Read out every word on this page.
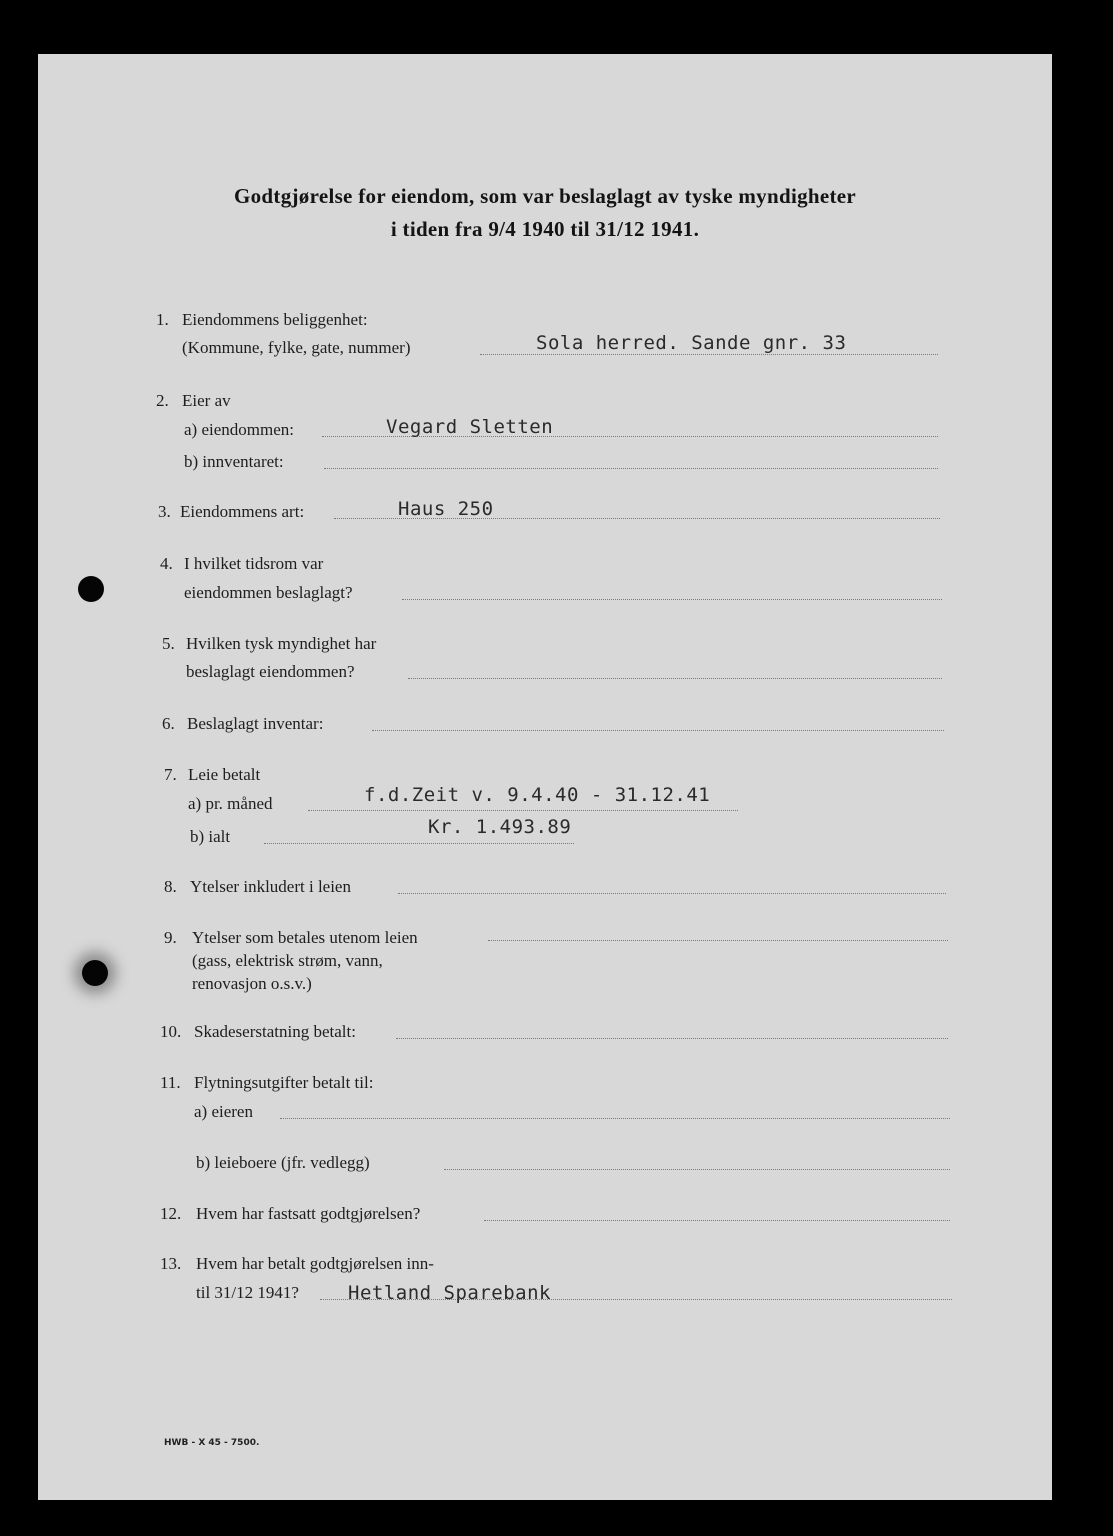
Godtgjørelse for eiendom, som var beslaglagt av tyske myndigheter
i tiden fra 9/4 1940 til 31/12 1941.
1. Eiendommens beliggenhet:
(Kommune, fylke, gate, nummer)	Sola herred. Sande gnr. 33
2. Eier av
a) eiendommen:	Vegard Sletten
b) innventaret:
3. Eiendommens art:	Haus 250
4. I hvilket tidsrom var
eiendommen beslaglagt?
5. Hvilken tysk myndighet har
beslaglagt eiendommen?
6. Beslaglagt inventar:
7. Leie betalt
a) pr. måned	f.d.Zeit v. 9.4.40 - 31.12.41
b) ialt	Kr. 1.493.89
8. Ytelser inkludert i leien
9. Ytelser som betales utenom leien
(gass, elektrisk strøm, vann,
renovasjon o.s.v.)
10. Skadeserstatning betalt:
11. Flytningsutgifter betalt til:
a) eieren
b) leieboere (jfr. vedlegg)
12. Hvem har fastsatt godtgjørelsen?
13. Hvem har betalt godtgjørelsen inn-
til 31/12 1941?	Hetland Sparebank
HWB - X 45 - 7500.
